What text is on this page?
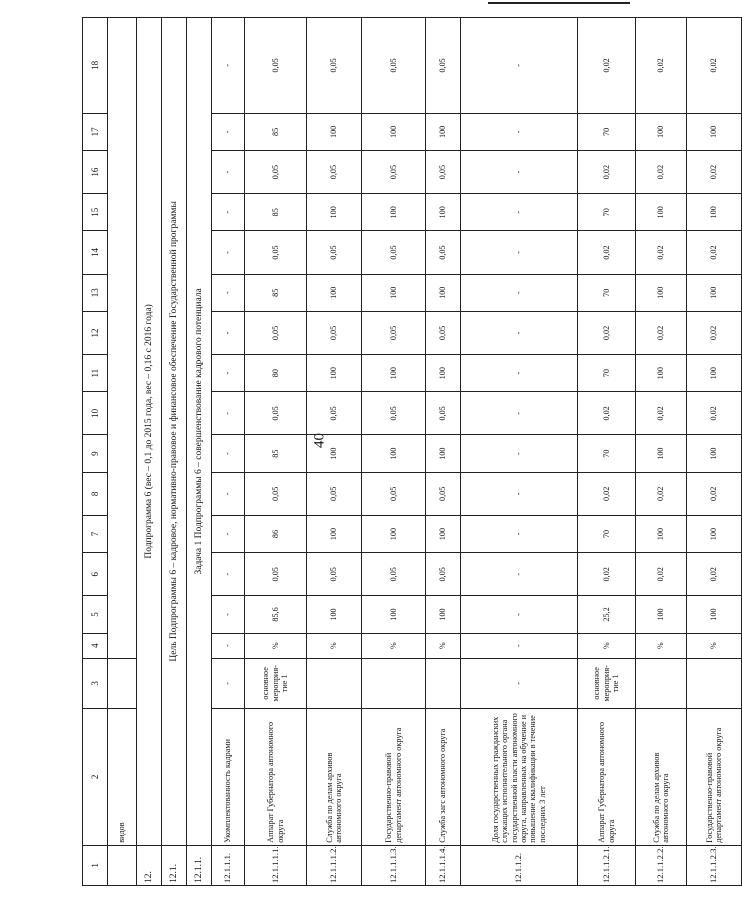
40
1	2	3	4	5	6	7	8	9	10	11	12	13	14	15	16	17	18
	видов																
12.	Подпрограмма 6 (вес – 0,1 до 2015 года, вес – 0,16 с 2016 года)																
12.1.	Цель Подпрограммы 6 – кадровое, нормативно-правовое и финансовое обеспечение Государственной программы																
12.1.1.	Задача 1 Подпрограммы 6 – совершенствование кадрового потенциала																
12.1.1.1.	Укомплектованность кадрами	-	-	-	-	-	-	-	-	-	-	-	-	-	-	-	-
12.1.1.1.1.	Аппарат Губернатора автономного округа	основное мероприя-тие 1	%	85,6	0,05	86	0,05	85	0,05	80	0,05	85	0,05	85	0,05	85	0,05
12.1.1.1.2.	Служба по делам архивов автономного округа		%	100	0,05	100	0,05	100	0,05	100	0,05	100	0,05	100	0,05	100	0,05
12.1.1.1.3.	Государственно-правовой департамент автономного округа		%	100	0,05	100	0,05	100	0,05	100	0,05	100	0,05	100	0,05	100	0,05
12.1.1.1.4.	Служба загс автономного округа		%	100	0,05	100	0,05	100	0,05	100	0,05	100	0,05	100	0,05	100	0,05
12.1.1.2.	Доля государственных гражданских служащих исполнительного органа государственной власти автономного округа, направленных на обучение и повышение квалификации в течение последних 3 лет	-	-	-	-	-	-	-	-	-	-	-	-	-	-	-	-
12.1.1.2.1.	Аппарат Губернатора автономного округа	основное мероприя-тие 1	%	25,2	0,02	70	0,02	70	0,02	70	0,02	70	0,02	70	0,02	70	0,02
12.1.1.2.2.	Служба по делам архивов автономного округа		%	100	0,02	100	0,02	100	0,02	100	0,02	100	0,02	100	0,02	100	0,02
12.1.1.2.3.	Государственно-правовой департамент автономного округа		%	100	0,02	100	0,02	100	0,02	100	0,02	100	0,02	100	0,02	100	0,02
